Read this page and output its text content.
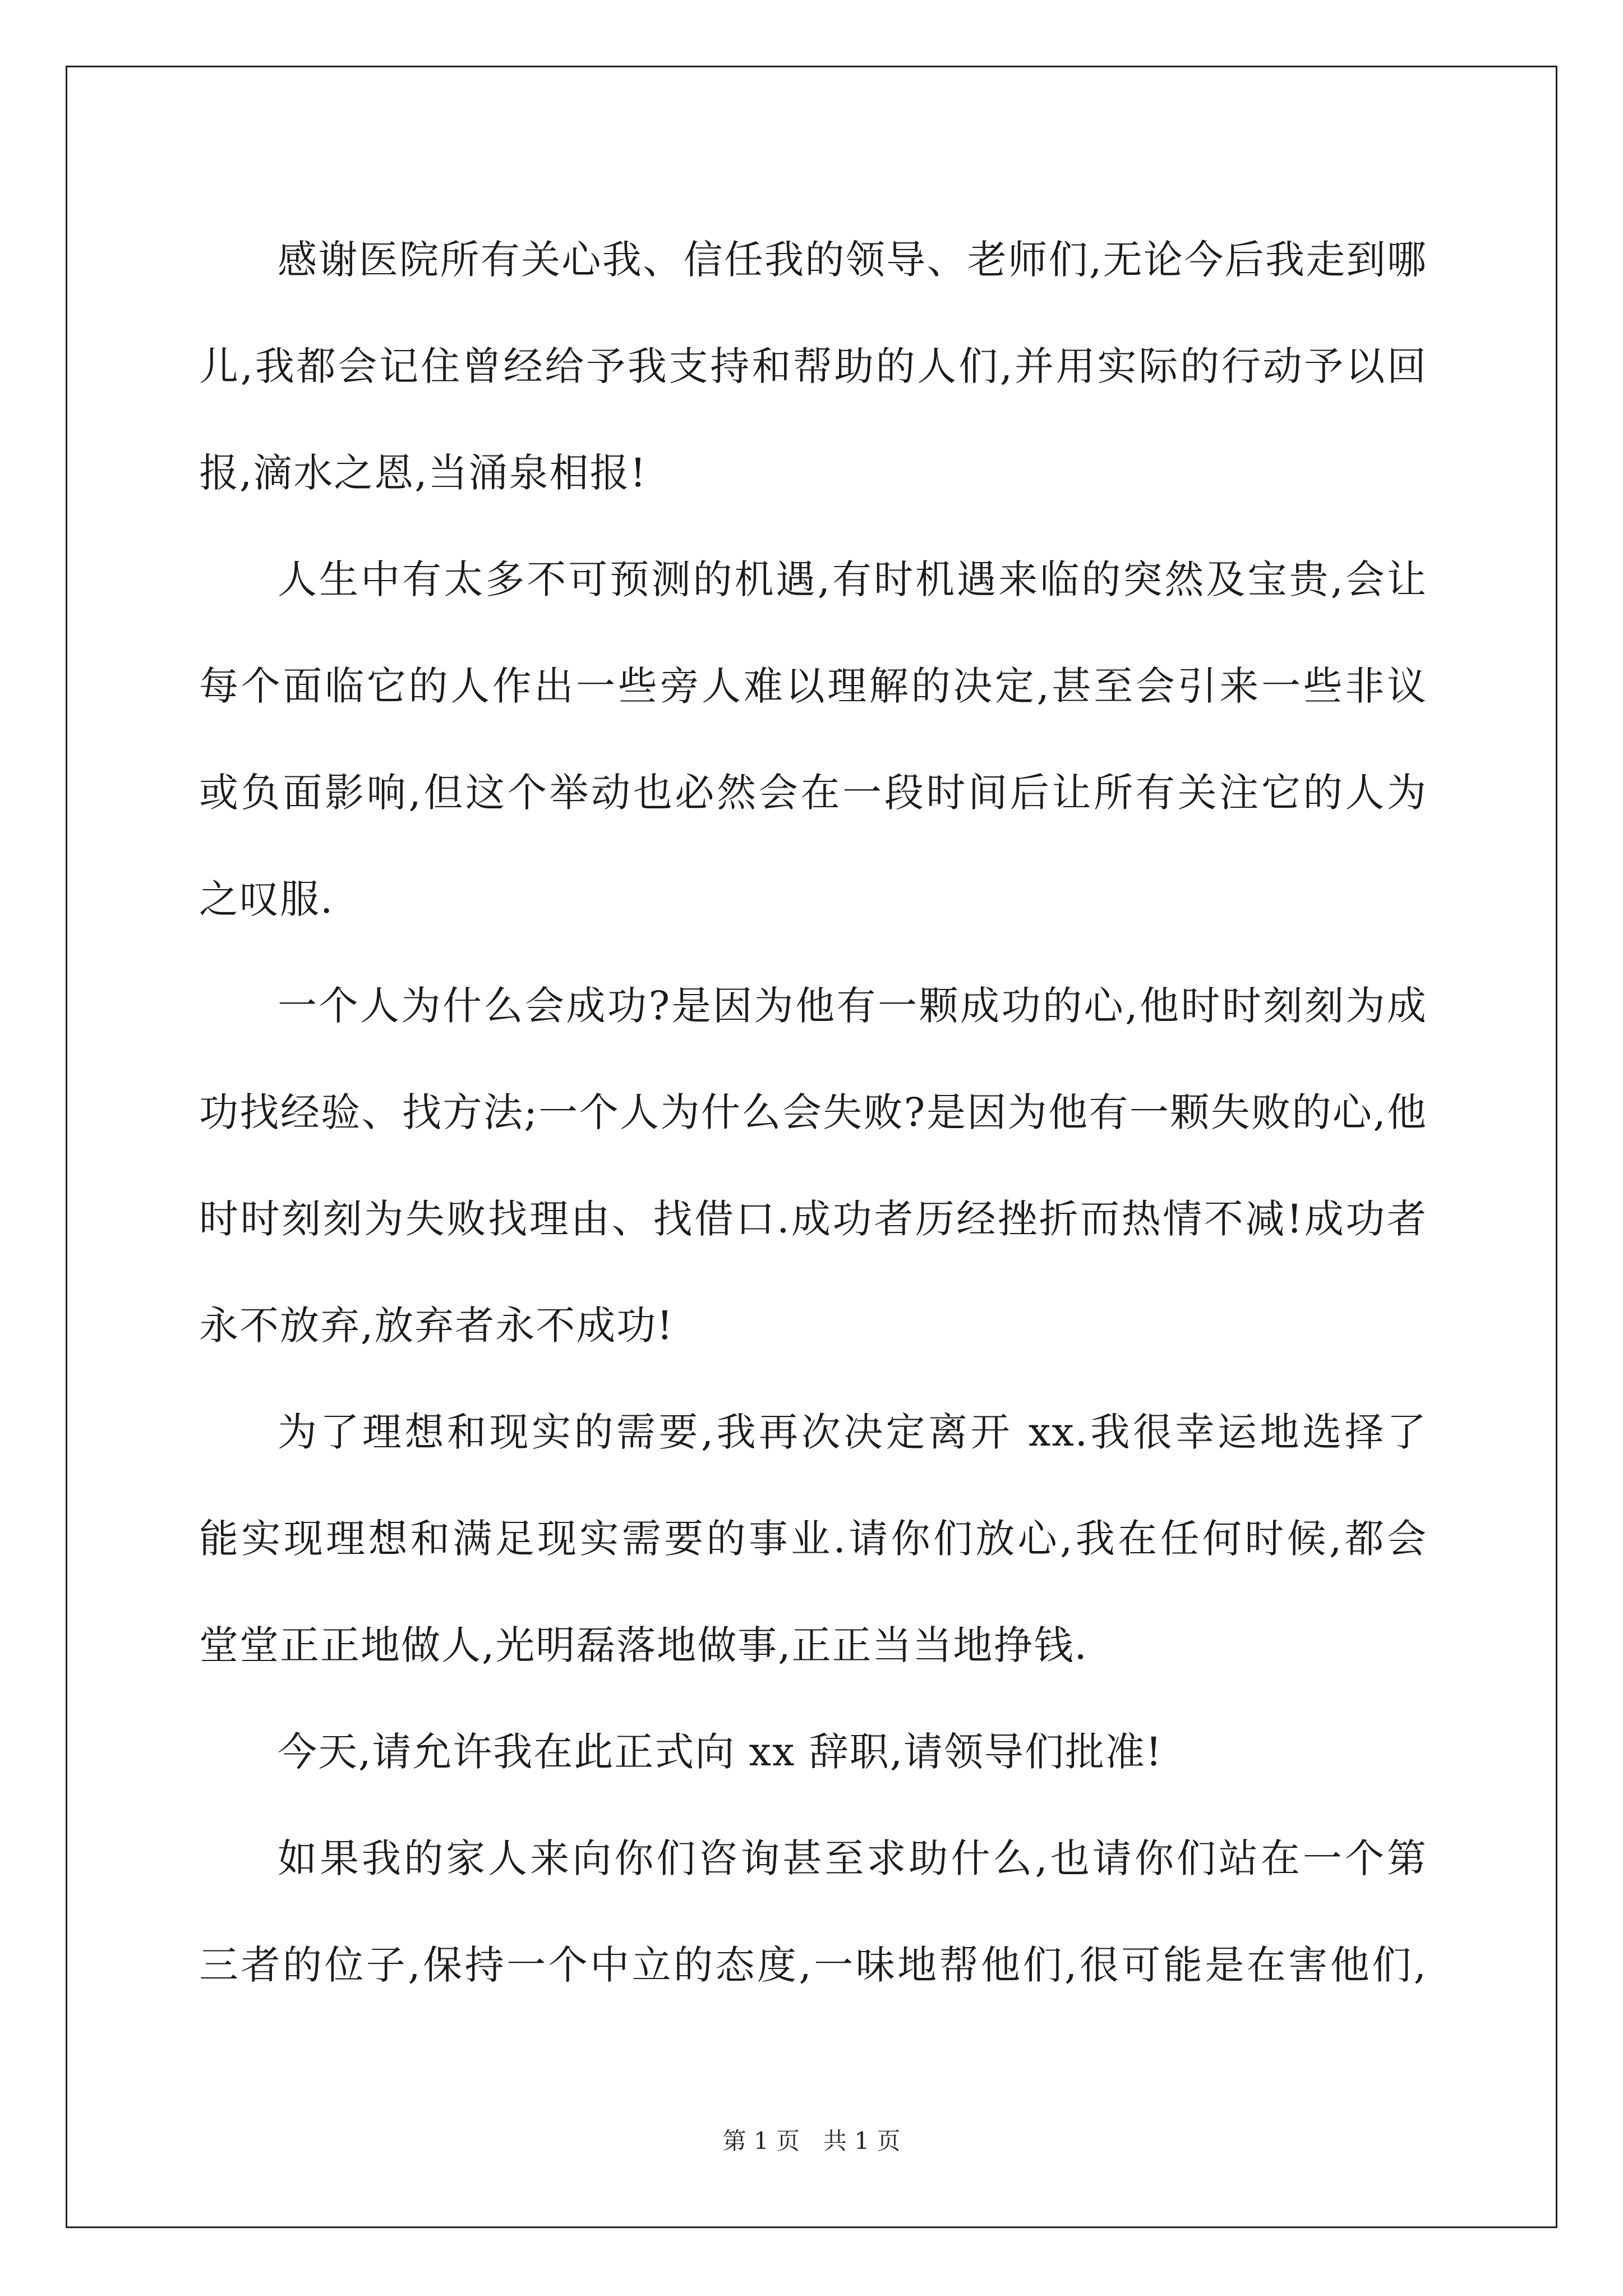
感谢医院所有关心我、信任我的领导、老师们,无论今后我走到哪
儿,我都会记住曾经给予我支持和帮助的人们,并用实际的行动予以回
报,滴水之恩,当涌泉相报!
人生中有太多不可预测的机遇,有时机遇来临的突然及宝贵,会让
每个面临它的人作出一些旁人难以理解的决定,甚至会引来一些非议
或负面影响,但这个举动也必然会在一段时间后让所有关注它的人为
之叹服.
一个人为什么会成功?是因为他有一颗成功的心,他时时刻刻为成
功找经验、找方法;一个人为什么会失败?是因为他有一颗失败的心,他
时时刻刻为失败找理由、找借口.成功者历经挫折而热情不减!成功者
永不放弃,放弃者永不成功!
为了理想和现实的需要,我再次决定离开 xx.我很幸运地选择了
能实现理想和满足现实需要的事业.请你们放心,我在任何时候,都会
堂堂正正地做人,光明磊落地做事,正正当当地挣钱.
今天,请允许我在此正式向 xx 辞职,请领导们批准!
如果我的家人来向你们咨询甚至求助什么,也请你们站在一个第
三者的位子,保持一个中立的态度,一味地帮他们,很可能是在害他们,
第 1 页　共 1 页
